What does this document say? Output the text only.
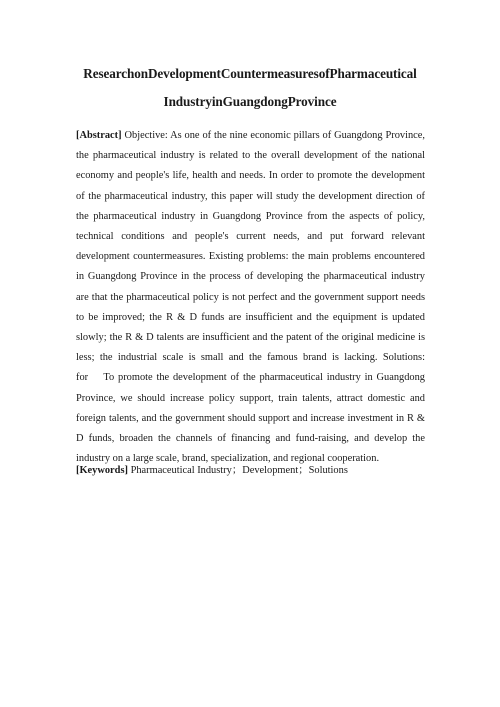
ResearchonDevelopmentCountermeasuresofPharmaceutical
IndustryinGuangdongProvince

[Abstract] Objective: As one of the nine economic pillars of Guangdong Province, the pharmaceutical industry is related to the overall development of the national economy and people's life, health and needs. In order to promote the development of the pharmaceutical industry, this paper will study the development direction of the pharmaceutical industry in Guangdong Province from the aspects of policy, technical conditions and people's current needs, and put forward relevant development countermeasures. Existing problems: the main problems encountered in Guangdong Province in the process of developing the pharmaceutical industry are that the pharmaceutical policy is not perfect and the government support needs to be improved; the R & D funds are insufficient and the equipment is updated slowly; the R & D talents are insufficient and the patent of the original medicine is less; the industrial scale is small and the famous brand is lacking. Solutions: for    To promote the development of the pharmaceutical industry in Guangdong Province, we should increase policy support, train talents, attract domestic and foreign talents, and the government should support and increase investment in R & D funds, broaden the channels of financing and fund-raising, and develop the industry on a large scale, brand, specialization, and regional cooperation.

[Keywords] Pharmaceutical Industry；Development；Solutions
